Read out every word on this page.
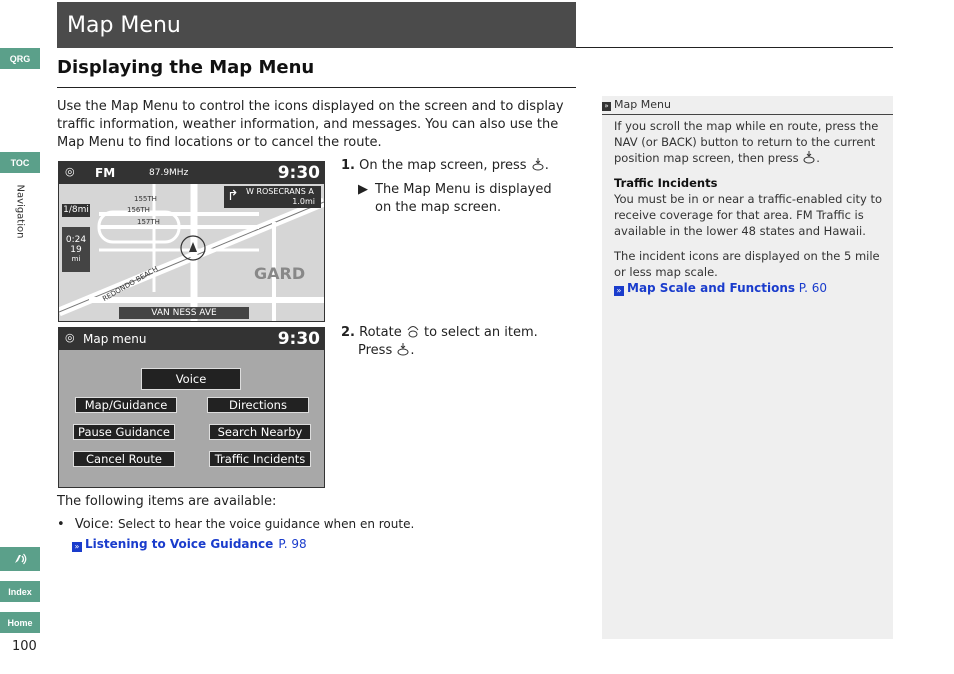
QRG
TOC
Navigation
Index
Home
100
Map Menu
Displaying the Map Menu
Use the Map Menu to control the icons displayed on the screen and to display traffic information, weather information, and messages. You can also use the Map Menu to find locations or to cancel the route.
◎ FM	87.9MHz	9:30
1/8mi
0:24
19
mi
↱ W ROSECRANS A
1.0mi
VAN NESS AVE
155TH
156TH
157TH
REDONDO BEACH	GARD
1. On the map screen, press .
▶ The Map Menu is displayed on the map screen.
◎ Map menu	9:30
Voice
Map/Guidance	Directions
Pause Guidance	Search Nearby
Cancel Route	Traffic Incidents
2. Rotate to select an item.
Press .
The following items are available:
• Voice: Select to hear the voice guidance when en route.
» Listening to Voice Guidance P. 98
» Map Menu
If you scroll the map while en route, press the NAV (or BACK) button to return to the current position map screen, then press .
Traffic Incidents
You must be in or near a traffic-enabled city to receive coverage for that area. FM Traffic is available in the lower 48 states and Hawaii.
The incident icons are displayed on the 5 mile or less map scale.
» Map Scale and Functions P. 60
